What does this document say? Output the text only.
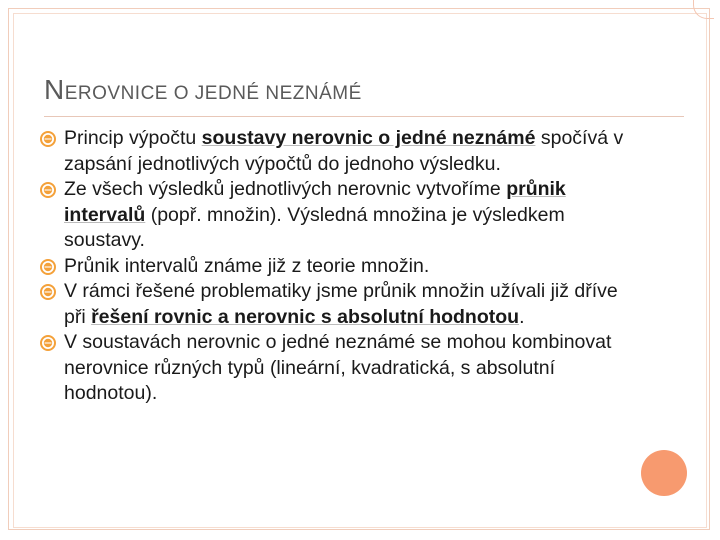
NEROVNICE O JEDNÉ NEZNÁMÉ
Princip výpočtu soustavy nerovnic o jedné neznámé spočívá v zapsání jednotlivých výpočtů do jednoho výsledku.
Ze všech výsledků jednotlivých nerovnic vytvoříme průnik intervalů (popř. množin). Výsledná množina je výsledkem soustavy.
Průnik intervalů známe již z teorie množin.
V rámci řešené problematiky jsme průnik množin užívali již dříve při řešení rovnic a nerovnic s absolutní hodnotou.
V soustavách nerovnic o jedné neznámé se mohou kombinovat nerovnice různých typů (lineární, kvadratická, s absolutní hodnotou).
